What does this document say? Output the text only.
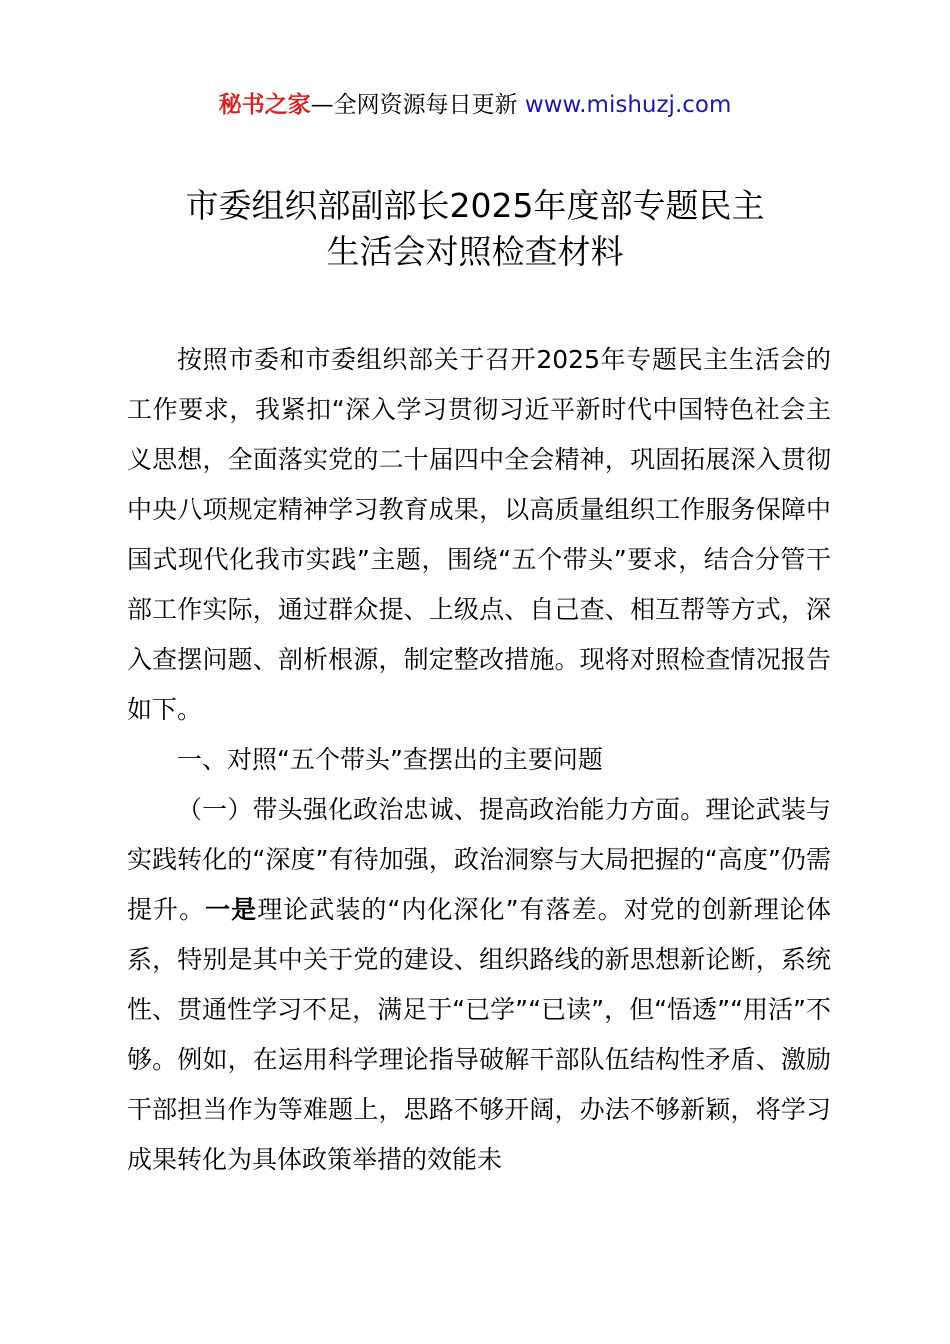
秘书之家—全网资源每日更新 www.mishuzj.com
市委组织部副部长2025年度部专题民主
生活会对照检查材料

按照市委和市委组织部关于召开2025年专题民主生活会的工作要求，我紧扣“深入学习贯彻习近平新时代中国特色社会主义思想，全面落实党的二十届四中全会精神，巩固拓展深入贯彻中央八项规定精神学习教育成果，以高质量组织工作服务保障中国式现代化我市实践”主题，围绕“五个带头”要求，结合分管干部工作实际，通过群众提、上级点、自己查、相互帮等方式，深入查摆问题、剖析根源，制定整改措施。现将对照检查情况报告如下。

一、对照“五个带头”查摆出的主要问题

（一）带头强化政治忠诚、提高政治能力方面。理论武装与实践转化的“深度”有待加强，政治洞察与大局把握的“高度”仍需提升。一是理论武装的“内化深化”有落差。对党的创新理论体系，特别是其中关于党的建设、组织路线的新思想新论断，系统性、贯通性学习不足，满足于“已学”“已读”，但“悟透”“用活”不够。例如，在运用科学理论指导破解干部队伍结构性矛盾、激励干部担当作为等难题上，思路不够开阔，办法不够新颖，将学习成果转化为具体政策举措的效能未
